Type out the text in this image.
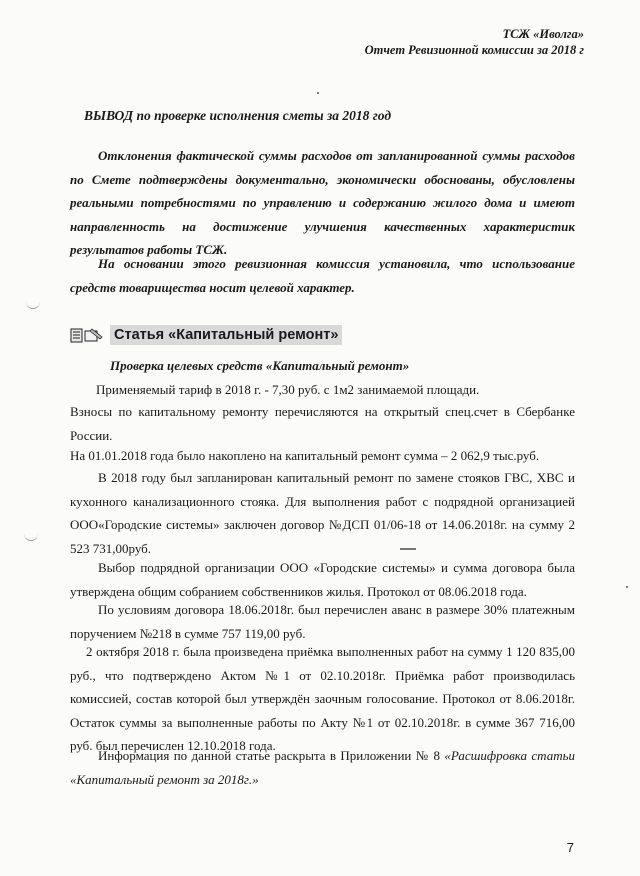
ТСЖ «Иволга»
Отчет Ревизионной комиссии за 2018 г
ВЫВОД по проверке исполнения сметы за 2018 год
Отклонения фактической суммы расходов от запланированной суммы расходов по Смете подтверждены документально, экономически обоснованы, обусловлены реальными потребностями по управлению и содержанию жилого дома и имеют направленность на достижение улучшения качественных характеристик результатов работы ТСЖ.
На основании этого ревизионная комиссия установила, что использование средств товарищества носит целевой характер.
Статья «Капитальный ремонт»
Проверка целевых средств «Капитальный ремонт»
Применяемый тариф в 2018 г. - 7,30 руб. с 1м2 занимаемой площади.
Взносы по капитальному ремонту перечисляются на открытый спец.счет в Сбербанке России.
На 01.01.2018 года было накоплено на капитальный ремонт сумма – 2 062,9 тыс.руб.
В 2018 году был запланирован капитальный ремонт по замене стояков ГВС, ХВС и кухонного канализационного стояка. Для выполнения работ с подрядной организацией ООО«Городские системы» заключен договор №ДСП 01/06-18 от 14.06.2018г. на сумму 2 523 731,00руб.
Выбор подрядной организации ООО «Городские системы» и сумма договора была утверждена общим собранием собственников жилья. Протокол от 08.06.2018 года.
По условиям договора 18.06.2018г. был перечислен аванс в размере 30% платежным поручением №218 в сумме 757 119,00 руб.
2 октября 2018 г. была произведена приёмка выполненных работ на сумму 1 120 835,00 руб., что подтверждено Актом №1 от 02.10.2018г. Приёмка работ производилась комиссией, состав которой был утверждён заочным голосование. Протокол от 8.06.2018г. Остаток суммы за выполненные работы по Акту №1 от 02.10.2018г. в сумме 367 716,00 руб. был перечислен 12.10.2018 года.
Информация по данной статье раскрыта в Приложении № 8 «Расшифровка статьи «Капитальный ремонт за 2018г.»
7
